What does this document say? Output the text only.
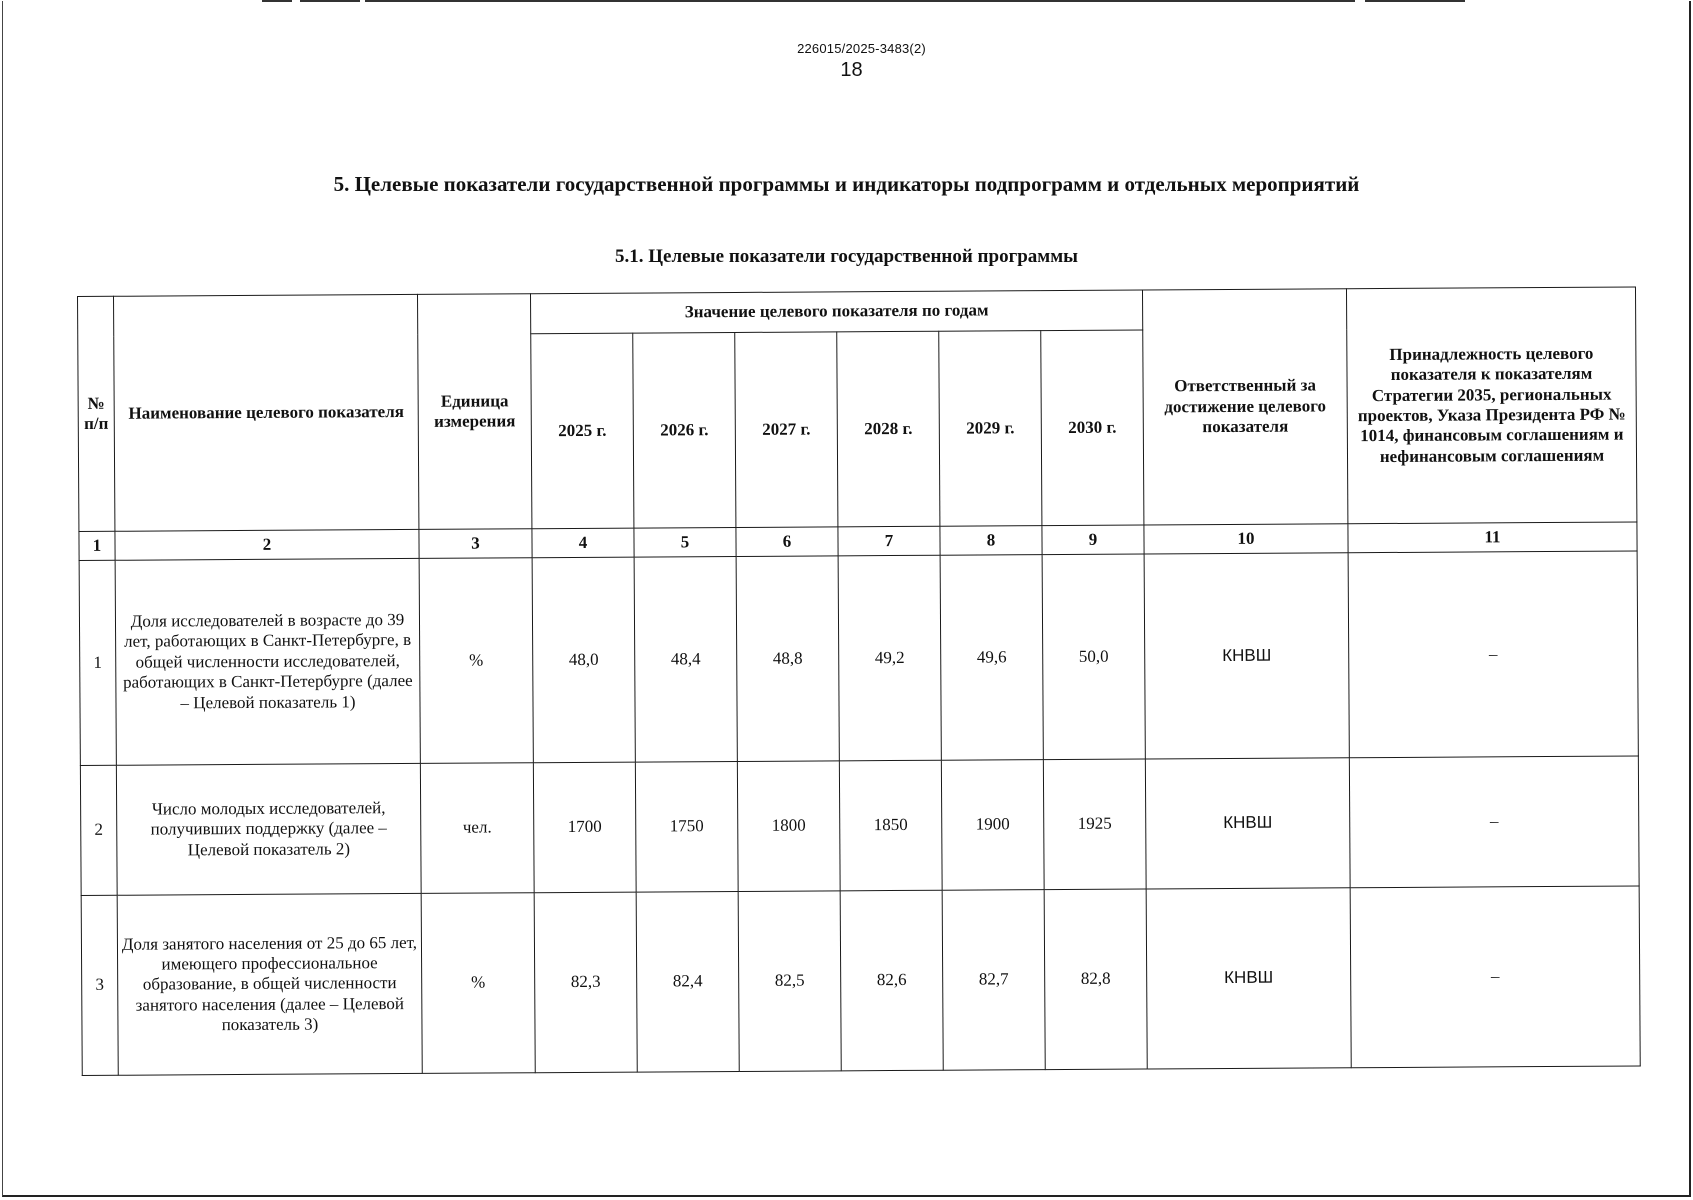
226015/2025-3483(2)
18
5. Целевые показатели государственной программы и индикаторы подпрограмм и отдельных мероприятий
5.1. Целевые показатели государственной программы
№ п/п	Наименование целевого показателя	Единица измерения	Значение целевого показателя по годам						Ответственный за достижение целевого показателя	Принадлежность целевого показателя к показателям Стратегии 2035, региональных проектов, Указа Президента РФ № 1014, финансовым соглашениям и нефинансовым соглашениям
			2025 г.	2026 г.	2027 г.	2028 г.	2029 г.	2030 г.		
1	2	3	4	5	6	7	8	9	10	11
1	Доля исследователей в возрасте до 39 лет, работающих в Санкт-Петербурге, в общей численности исследователей, работающих в Санкт-Петербурге (далее – Целевой показатель 1)	%	48,0	48,4	48,8	49,2	49,6	50,0	КНВШ	–
2	Число молодых исследователей, получивших поддержку (далее – Целевой показатель 2)	чел.	1700	1750	1800	1850	1900	1925	КНВШ	–
3	Доля занятого населения от 25 до 65 лет, имеющего профессиональное образование, в общей численности занятого населения (далее – Целевой показатель 3)	%	82,3	82,4	82,5	82,6	82,7	82,8	КНВШ	–
